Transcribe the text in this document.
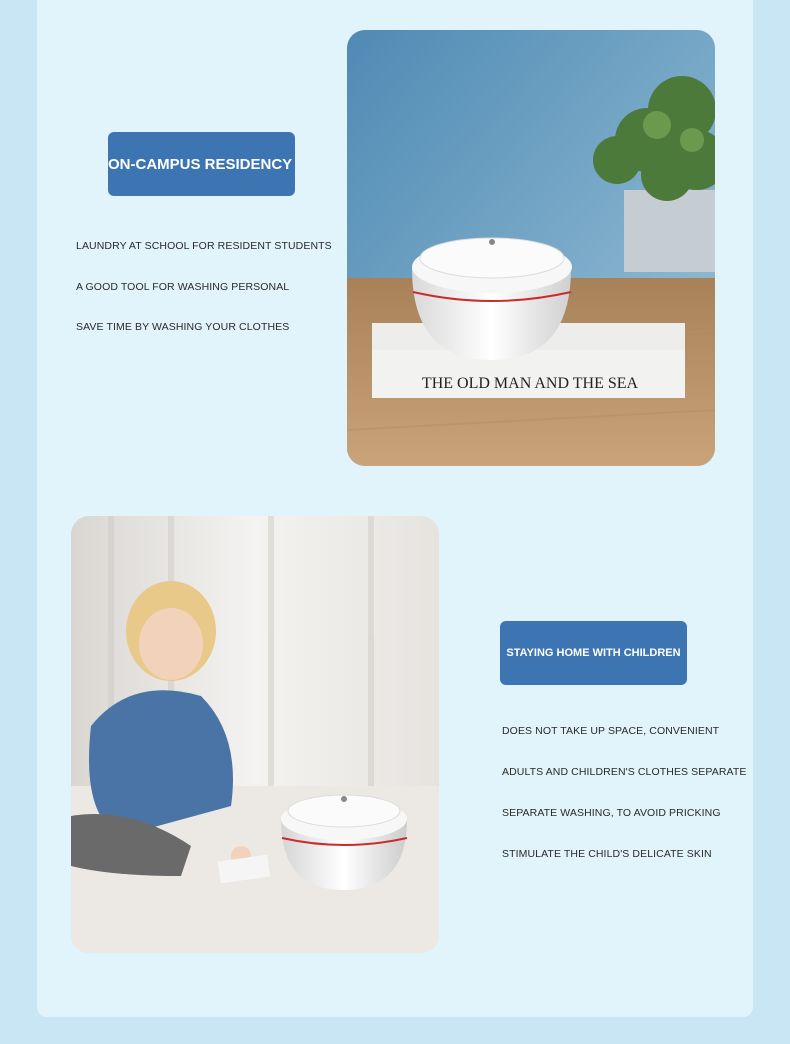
ON-CAMPUS RESIDENCY
LAUNDRY AT SCHOOL FOR RESIDENT STUDENTS
A GOOD TOOL FOR WASHING PERSONAL
SAVE TIME BY WASHING YOUR CLOTHES
THE OLD MAN AND THE SEA
STAYING HOME WITH CHILDREN
DOES NOT TAKE UP SPACE, CONVENIENT
ADULTS AND CHILDREN'S CLOTHES SEPARATE
SEPARATE WASHING, TO AVOID PRICKING
STIMULATE THE CHILD'S DELICATE SKIN
